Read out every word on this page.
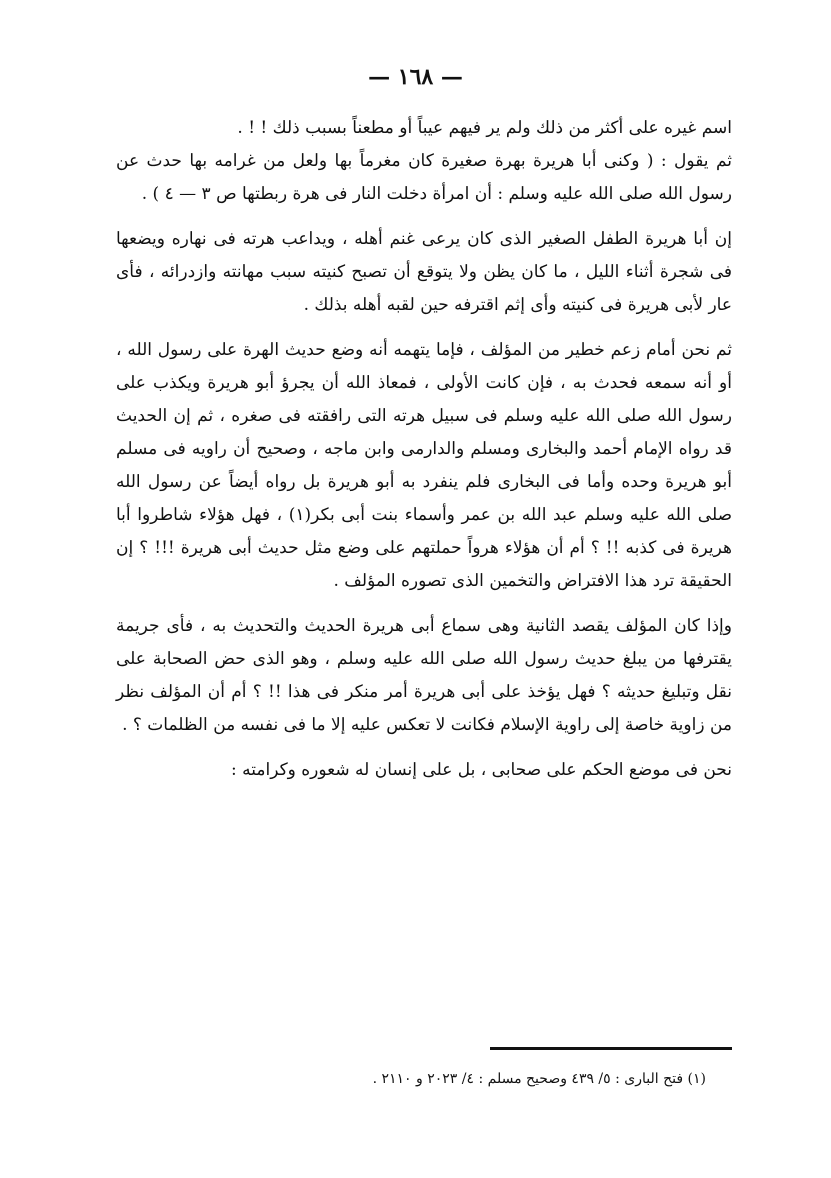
— ١٦٨ —

اسم غيره على أكثر من ذلك ولم ير فيهم عيباً أو مطعناً بسبب ذلك ! ! .

ثم يقول : ( وكنى أبا هريرة بهرة صغيرة كان مغرماً بها ولعل من غرامه بها حدث عن رسول الله صلى الله عليه وسلم : أن امرأة دخلت النار فى هرة ربطتها ص ٣ — ٤ ) .

إن أبا هريرة الطفل الصغير الذى كان يرعى غنم أهله ، ويداعب هرته فى نهاره ويضعها فى شجرة أثناء الليل ، ما كان يظن ولا يتوقع أن تصبح كنيته سبب مهانته وازدرائه ، فأى عار لأبى هريرة فى كنيته وأى إثم اقترفه حين لقبه أهله بذلك .

ثم نحن أمام زعم خطير من المؤلف ، فإما يتهمه أنه وضع حديث الهرة على رسول الله ، أو أنه سمعه فحدث به ، فإن كانت الأولى ، فمعاذ الله أن يجرؤ أبو هريرة ويكذب على رسول الله صلى الله عليه وسلم فى سبيل هرته التى رافقته فى صغره ، ثم إن الحديث قد رواه الإمام أحمد والبخارى ومسلم والدارمى وابن ماجه ، وصحيح أن راويه فى مسلم أبو هريرة وحده وأما فى البخارى فلم ينفرد به أبو هريرة بل رواه أيضاً عن رسول الله صلى الله عليه وسلم عبد الله بن عمر وأسماء بنت أبى بكر(١) ، فهل هؤلاء شاطروا أبا هريرة فى كذبه !! ؟ أم أن هؤلاء هرواً حملتهم على وضع مثل حديث أبى هريرة !!! ؟ إن الحقيقة ترد هذا الافتراض والتخمين الذى تصوره المؤلف .

وإذا كان المؤلف يقصد الثانية وهى سماع أبى هريرة الحديث والتحديث به ، فأى جريمة يقترفها من يبلغ حديث رسول الله صلى الله عليه وسلم ، وهو الذى حض الصحابة على نقل وتبليغ حديثه ؟ فهل يؤخذ على أبى هريرة أمر منكر فى هذا !! ؟ أم أن المؤلف نظر من زاوية خاصة إلى راوية الإسلام فكانت لا تعكس عليه إلا ما فى نفسه من الظلمات ؟ .

نحن فى موضع الحكم على صحابى ، بل على إنسان له شعوره وكرامته :

(١) فتح البارى : ٥/ ٤٣٩ وصحيح مسلم : ٤/ ٢٠٢٣ و ٢١١٠ .
